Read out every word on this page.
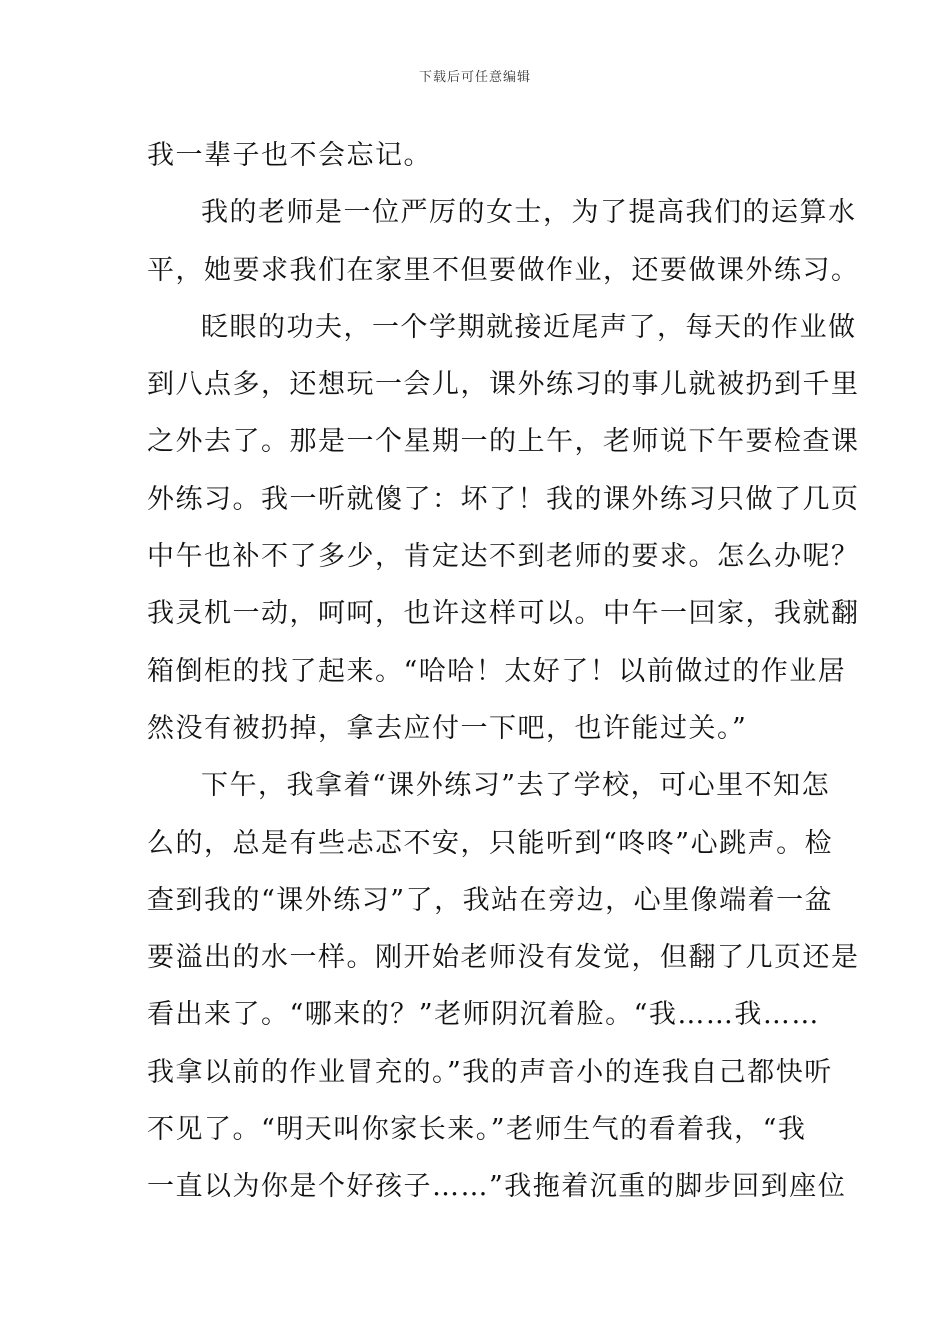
下载后可任意编辑
我一辈子也不会忘记。
我的老师是一位严厉的女士，为了提高我们的运算水
平，她要求我们在家里不但要做作业，还要做课外练习。
眨眼的功夫，一个学期就接近尾声了，每天的作业做
到八点多，还想玩一会儿，课外练习的事儿就被扔到千里
之外去了。那是一个星期一的上午，老师说下午要检查课
外练习。我一听就傻了：坏了！我的课外练习只做了几页
中午也补不了多少，肯定达不到老师的要求。怎么办呢？
我灵机一动，呵呵，也许这样可以。中午一回家，我就翻
箱倒柜的找了起来。“哈哈！太好了！以前做过的作业居
然没有被扔掉，拿去应付一下吧，也许能过关。”
下午，我拿着“课外练习”去了学校，可心里不知怎
么的，总是有些忐忑不安，只能听到“咚咚”心跳声。检
查到我的“课外练习”了，我站在旁边，心里像端着一盆
要溢出的水一样。刚开始老师没有发觉，但翻了几页还是
看出来了。“哪来的？”老师阴沉着脸。“我……我……
我拿以前的作业冒充的。”我的声音小的连我自己都快听
不见了。“明天叫你家长来。”老师生气的看着我，“我
一直以为你是个好孩子……”我拖着沉重的脚步回到座位
